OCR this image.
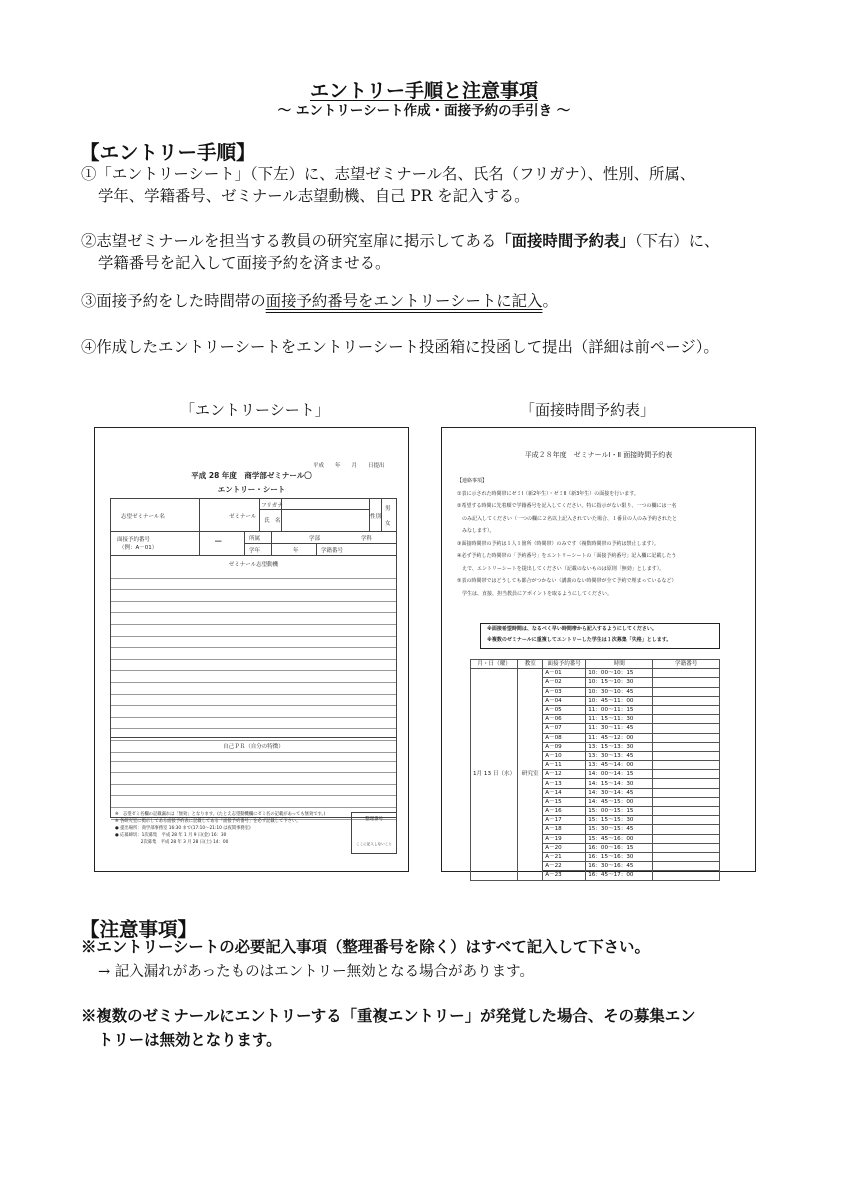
エントリー手順と注意事項
～ エントリーシート作成・面接予約の手引き ～
【エントリー手順】
①「エントリーシート」（下左）に、志望ゼミナール名、氏名（フリガナ）、性別、所属、
学年、学籍番号、ゼミナール志望動機、自己 PR を記入する。
②志望ゼミナールを担当する教員の研究室扉に掲示してある「面接時間予約表」（下右）に、
学籍番号を記入して面接予約を済ませる。
③面接予約をした時間帯の面接予約番号をエントリーシートに記入。
④作成したエントリーシートをエントリーシート投函箱に投函して提出（詳細は前ページ）。
「エントリーシート」	「面接時間予約表」
平成　　年　　月　　日提出
平成 28 年度　商学部ゼミナール〇
エントリー・シート
志望ゼミナール名	ゼミナール
フリガナ
氏　名
性別
男
女
面接予約番号
（例：A－01）
―	所属	学部	学科
学年	年	学籍番号
ゼミナール志望動機
自己ＰＲ（自分の特徴）
※　志望ゼミ名欄の記載漏れは「無効」となります。(たとえ志望動機欄にゼミ名の記載があっても無効です。)
※ 各研究室に掲示してある面接予約表に記載してある「面接予約番号」を必ず記載して下さい。
● 提出場所：商学部事務室 16:30 まで(17:10～21:10 は夜間事務室)
● 応募締切：1次募集　平成 28 年 1 月 9 日(金) 16：30
　　　　　　2次募集　平成 28 年 3 月 28 日(土) 14：00
整理番号
ここに記入しないこと
平成２８年度　ゼミナールⅠ・Ⅱ 面接時間予約表
【連絡事項】
①表に示された時間帯にゼミⅠ（新2年生）・ゼミⅡ（新3年生）の面接を行います。
②希望する時間に先着順で学籍番号を記入してください。特に指示がない限り、一つの欄には一名
　のみ記入してください（一つの欄に２名以上記入されていた場合、１番目の人のみ予約されたと
　みなします）。
③面接時間帯の予約は１人１箇所（時間帯）のみです（複数時間帯の予約は禁止します）。
④必ず予約した時間帯の「予約番号」をエントリーシートの「面接予約番号」記入欄に記載したう
　えで、エントリーシートを提出してください（記載のないものは原則「無効」とします）。
⑤表の時間帯ではどうしても都合がつかない（講義のない時間帯が全て予約で埋まっているなど）
　学生は、直接、担当教員にアポイントを取るようにしてください。
※面接希望時間は、なるべく早い時間帯から記入するようにしてください。
※複数のゼミナールに重複してエントリーした学生は１次募集「失格」とします。
月・日（曜）	教室	面接予約番号	時間	学籍番号
1月 13 日（水）	研究室	A－01	10：00～10：15	
		A－02	10：15～10：30	
		A－03	10：30～10：45	
		A－04	10：45～11：00	
		A－05	11：00～11：15	
		A－06	11：15～11：30	
		A－07	11：30～11：45	
		A－08	11：45～12：00	
		A－09	13：15～13：30	
		A－10	13：30～13：45	
		A－11	13：45～14：00	
		A－12	14：00～14：15	
		A－13	14：15～14：30	
		A－14	14：30～14：45	
		A－15	14：45～15：00	
		A－16	15：00～15：15	
		A－17	15：15～15：30	
		A－18	15：30～15：45	
		A－19	15：45～16：00	
		A－20	16：00～16：15	
		A－21	16：15～16：30	
		A－22	16：30～16：45	
		A－23	16：45～17：00	
【注意事項】
※エントリーシートの必要記入事項（整理番号を除く）はすべて記入して下さい。
→ 記入漏れがあったものはエントリー無効となる場合があります。
※複数のゼミナールにエントリーする「重複エントリー」が発覚した場合、その募集エン
トリーは無効となります。
